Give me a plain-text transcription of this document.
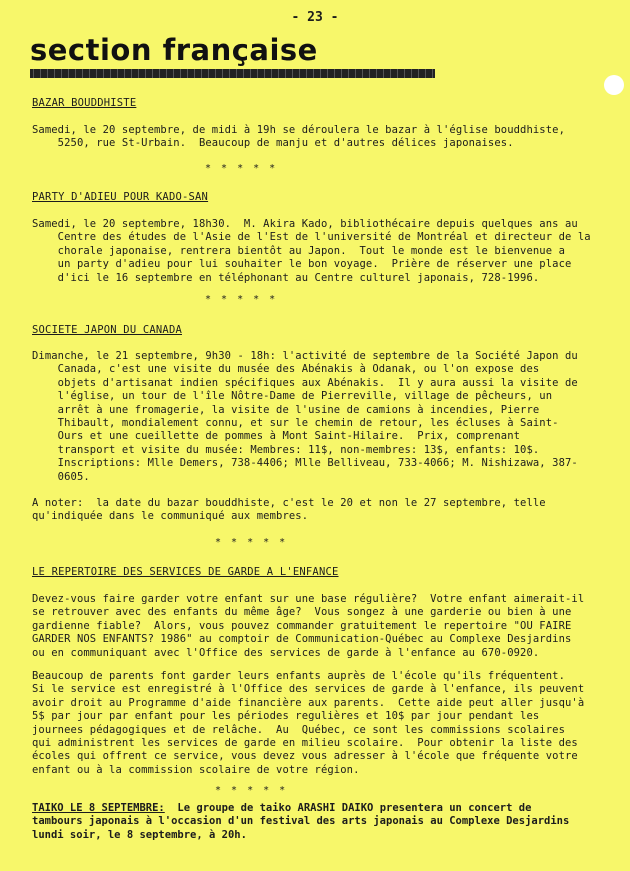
- 23 -
section française
BAZAR BOUDDHISTE
Samedi, le 20 septembre, de midi à 19h se déroulera le bazar à l'église bouddhiste,
5250, rue St-Urbain.  Beaucoup de manju et d'autres délices japonaises.
* * * * *
PARTY D'ADIEU POUR KADO-SAN
Samedi, le 20 septembre, 18h30.  M. Akira Kado, bibliothécaire depuis quelques ans au
Centre des études de l'Asie de l'Est de l'université de Montréal et directeur de la
chorale japonaise, rentrera bientôt au Japon.  Tout le monde est le bienvenue a
un party d'adieu pour lui souhaiter le bon voyage.  Prière de réserver une place
d'ici le 16 septembre en téléphonant au Centre culturel japonais, 728-1996.
* * * * *
SOCIETE JAPON DU CANADA
Dimanche, le 21 septembre, 9h30 - 18h: l'activité de septembre de la Société Japon du
Canada, c'est une visite du musée des Abénakis à Odanak, ou l'on expose des
objets d'artisanat indien spécifiques aux Abénakis.  Il y aura aussi la visite de
l'église, un tour de l'île Nôtre-Dame de Pierreville, village de pêcheurs, un
arrêt à une fromagerie, la visite de l'usine de camions à incendies, Pierre
Thibault, mondialement connu, et sur le chemin de retour, les écluses à Saint-
Ours et une cueillette de pommes à Mont Saint-Hilaire.  Prix, comprenant
transport et visite du musée: Membres: 11$, non-membres: 13$, enfants: 10$.
Inscriptions: Mlle Demers, 738-4406; Mlle Belliveau, 733-4066; M. Nishizawa, 387-
0605.
A noter:  la date du bazar bouddhiste, c'est le 20 et non le 27 septembre, telle
qu'indiquée dans le communiqué aux membres.
* * * * *
LE REPERTOIRE DES SERVICES DE GARDE A L'ENFANCE
Devez-vous faire garder votre enfant sur une base régulière?  Votre enfant aimerait-il
se retrouver avec des enfants du même âge?  Vous songez à une garderie ou bien à une
gardienne fiable?  Alors, vous pouvez commander gratuitement le repertoire "OU FAIRE
GARDER NOS ENFANTS? 1986" au comptoir de Communication-Québec au Complexe Desjardins
ou en communiquant avec l'Office des services de garde à l'enfance au 670-0920.
Beaucoup de parents font garder leurs enfants auprès de l'école qu'ils fréquentent.
Si le service est enregistré à l'Office des services de garde à l'enfance, ils peuvent
avoir droit au Programme d'aide financière aux parents.  Cette aide peut aller jusqu'à
5$ par jour par enfant pour les périodes regulières et 10$ par jour pendant les
journees pédagogiques et de relâche.  Au  Québec, ce sont les commissions scolaires
qui administrent les services de garde en milieu scolaire.  Pour obtenir la liste des
écoles qui offrent ce service, vous devez vous adresser à l'école que fréquente votre
enfant ou à la commission scolaire de votre région.
* * * * *
TAIKO LE 8 SEPTEMBRE:  Le groupe de taiko ARASHI DAIKO presentera un concert de
tambours japonais à l'occasion d'un festival des arts japonais au Complexe Desjardins
lundi soir, le 8 septembre, à 20h.
